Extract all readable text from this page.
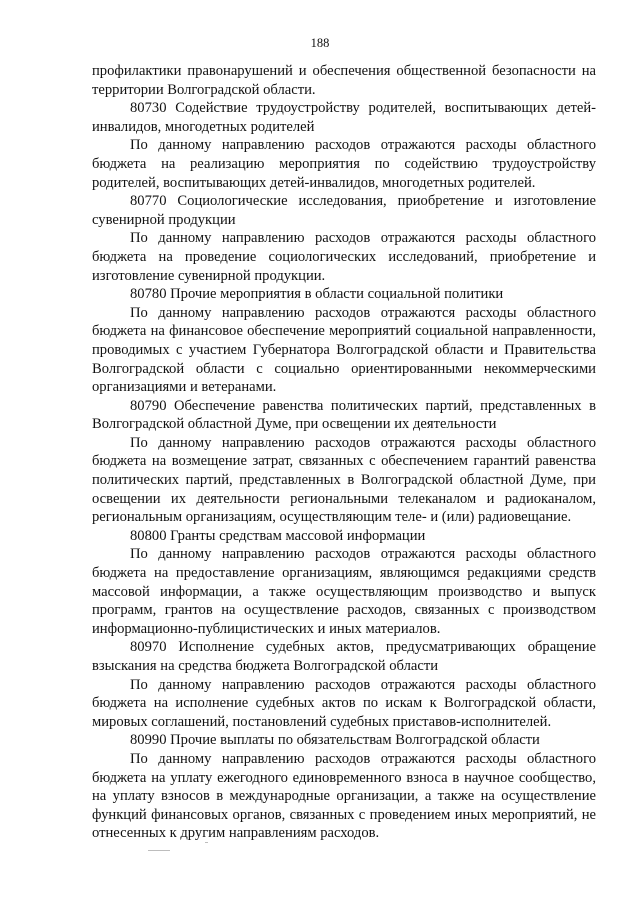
188

профилактики правонарушений и обеспечения общественной безопасности на территории Волгоградской области.

80730 Содействие трудоустройству родителей, воспитывающих детей-инвалидов, многодетных родителей

По данному направлению расходов отражаются расходы областного бюджета на реализацию мероприятия по содействию трудоустройству родителей, воспитывающих детей-инвалидов, многодетных родителей.

80770 Социологические исследования, приобретение и изготовление сувенирной продукции

По данному направлению расходов отражаются расходы областного бюджета на проведение социологических исследований, приобретение и изготовление сувенирной продукции.

80780 Прочие мероприятия в области социальной политики

По данному направлению расходов отражаются расходы областного бюджета на финансовое обеспечение мероприятий социальной направленности, проводимых с участием Губернатора Волгоградской области и Правительства Волгоградской области с социально ориентированными некоммерческими организациями и ветеранами.

80790 Обеспечение равенства политических партий, представленных в Волгоградской областной Думе, при освещении их деятельности

По данному направлению расходов отражаются расходы областного бюджета на возмещение затрат, связанных с обеспечением гарантий равенства политических партий, представленных в Волгоградской областной Думе, при освещении их деятельности региональными телеканалом и радиоканалом, региональным организациям, осуществляющим теле- и (или) радиовещание.

80800 Гранты средствам массовой информации

По данному направлению расходов отражаются расходы областного бюджета на предоставление организациям, являющимся редакциями средств массовой информации, а также осуществляющим производство и выпуск программ, грантов на осуществление расходов, связанных с производством информационно-публицистических и иных материалов.

80970 Исполнение судебных актов, предусматривающих обращение взыскания на средства бюджета Волгоградской области

По данному направлению расходов отражаются расходы областного бюджета на исполнение судебных актов по искам к Волгоградской области, мировых соглашений, постановлений судебных приставов-исполнителей.

80990 Прочие выплаты по обязательствам Волгоградской области

По данному направлению расходов отражаются расходы областного бюджета на уплату ежегодного единовременного взноса в научное сообщество, на уплату взносов в международные организации, а также на осуществление функций финансовых органов, связанных с проведением иных мероприятий, не отнесенных к другим направлениям расходов.
